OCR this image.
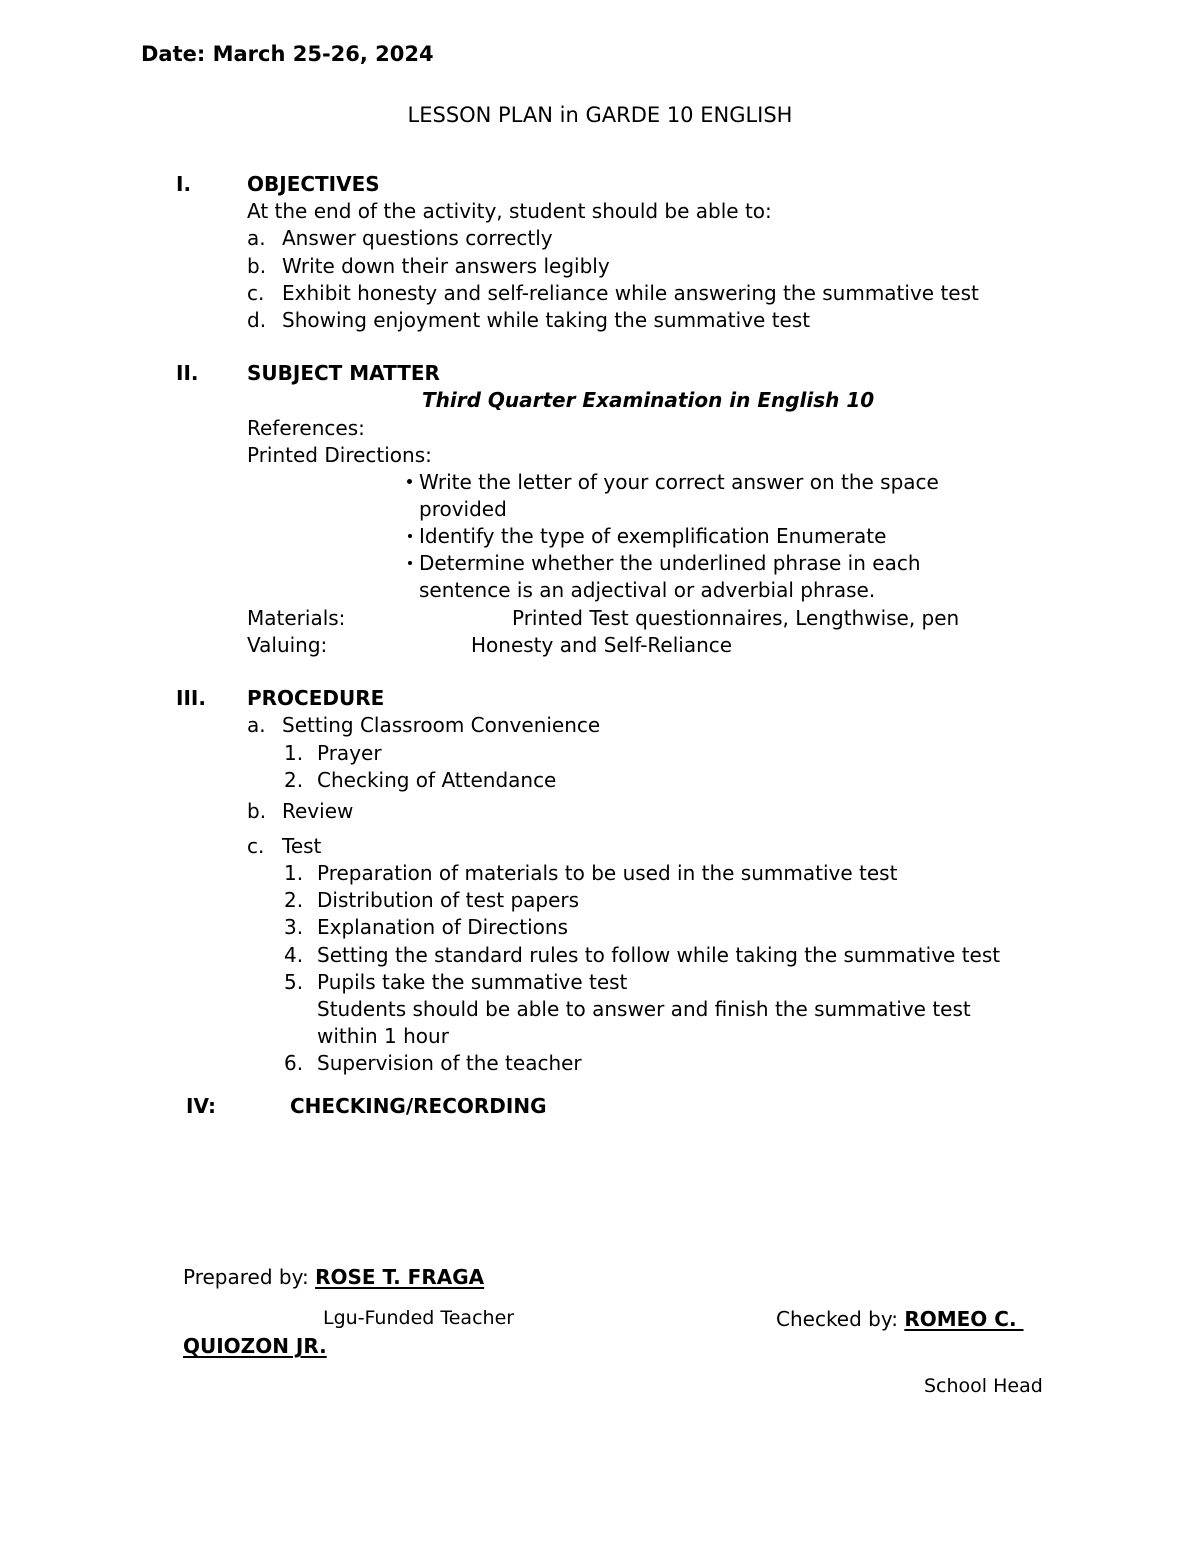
Date: March 25-26, 2024
LESSON PLAN in GARDE 10 ENGLISH
I.	OBJECTIVES
At the end of the activity, student should be able to:
a. Answer questions correctly
b. Write down their answers legibly
c. Exhibit honesty and self-reliance while answering the summative test
d. Showing enjoyment while taking the summative test
II. SUBJECT MATTER
Third Quarter Examination in English 10
References:
Printed Directions:
Write the letter of your correct answer on the space
provided
Identify the type of exemplification Enumerate
Determine whether the underlined phrase in each
sentence is an adjectival or adverbial phrase.
Materials:	Printed Test questionnaires, Lengthwise, pen
Valuing:	Honesty and Self-Reliance
III. PROCEDURE
a. Setting Classroom Convenience
1. Prayer
2. Checking of Attendance
b. Review
c. Test
1. Preparation of materials to be used in the summative test
2. Distribution of test papers
3. Explanation of Directions
4. Setting the standard rules to follow while taking the summative test
5. Pupils take the summative test
Students should be able to answer and finish the summative test
within 1 hour
6. Supervision of the teacher
IV:	CHECKING/RECORDING
Prepared by: ROSE T. FRAGA
Lgu-Funded Teacher	Checked by: ROMEO C.
QUIOZON JR.
School Head
